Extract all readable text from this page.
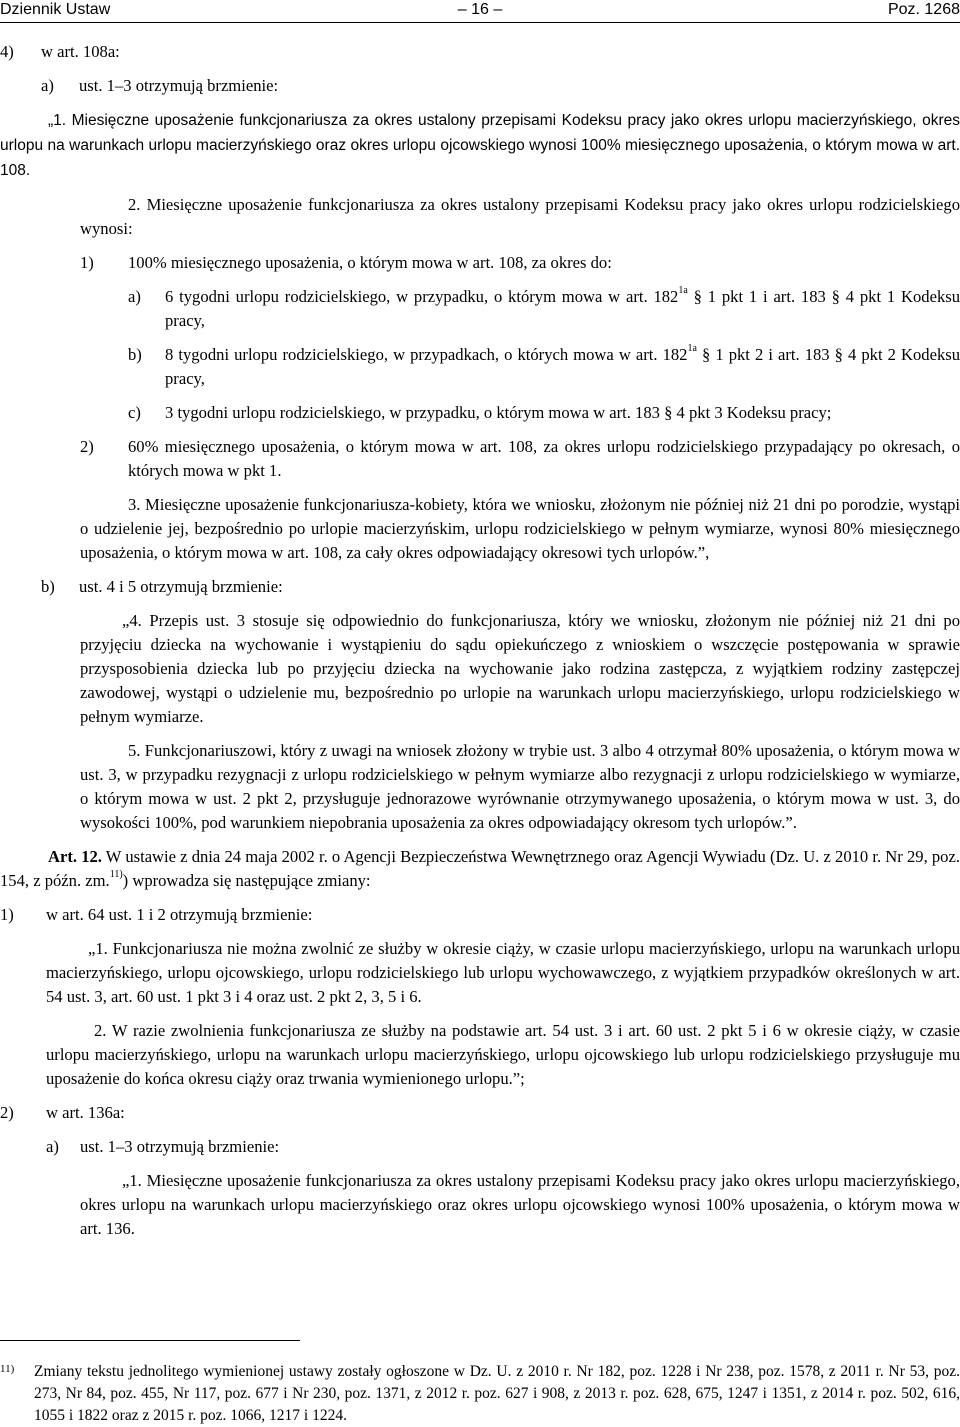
Dziennik Ustaw	– 16 –	Poz. 1268
4)	w art. 108a:
a)	ust. 1–3 otrzymują brzmienie:

„1. Miesięczne uposażenie funkcjonariusza za okres ustalony przepisami Kodeksu pracy jako okres urlopu macierzyńskiego, okres urlopu na warunkach urlopu macierzyńskiego oraz okres urlopu ojcowskiego wynosi 100% miesięcznego uposażenia, o którym mowa w art. 108.

2. Miesięczne uposażenie funkcjonariusza za okres ustalony przepisami Kodeksu pracy jako okres urlopu rodzicielskiego wynosi:

1)	100% miesięcznego uposażenia, o którym mowa w art. 108, za okres do:
a)	6 tygodni urlopu rodzicielskiego, w przypadku, o którym mowa w art. $182^{1a}$ § 1 pkt 1 i art. 183 § 4 pkt 1 Kodeksu pracy,
b)	8 tygodni urlopu rodzicielskiego, w przypadkach, o których mowa w art. $182^{1a}$ § 1 pkt 2 i art. 183 § 4 pkt 2 Kodeksu pracy,
c)	3 tygodni urlopu rodzicielskiego, w przypadku, o którym mowa w art. 183 § 4 pkt 3 Kodeksu pracy;
2)	60% miesięcznego uposażenia, o którym mowa w art. 108, za okres urlopu rodzicielskiego przypadający po okresach, o których mowa w pkt 1.

3. Miesięczne uposażenie funkcjonariusza-kobiety, która we wniosku, złożonym nie później niż 21 dni po porodzie, wystąpi o udzielenie jej, bezpośrednio po urlopie macierzyńskim, urlopu rodzicielskiego w pełnym wymiarze, wynosi 80% miesięcznego uposażenia, o którym mowa w art. 108, za cały okres odpowiadający okresowi tych urlopów.”,

b)	ust. 4 i 5 otrzymują brzmienie:

„4. Przepis ust. 3 stosuje się odpowiednio do funkcjonariusza, który we wniosku, złożonym nie później niż 21 dni po przyjęciu dziecka na wychowanie i wystąpieniu do sądu opiekuńczego z wnioskiem o wszczęcie postępowania w sprawie przysposobienia dziecka lub po przyjęciu dziecka na wychowanie jako rodzina zastępcza, z wyjątkiem rodziny zastępczej zawodowej, wystąpi o udzielenie mu, bezpośrednio po urlopie na warunkach urlopu macierzyńskiego, urlopu rodzicielskiego w pełnym wymiarze.

5. Funkcjonariuszowi, który z uwagi na wniosek złożony w trybie ust. 3 albo 4 otrzymał 80% uposażenia, o którym mowa w ust. 3, w przypadku rezygnacji z urlopu rodzicielskiego w pełnym wymiarze albo rezygnacji z urlopu rodzicielskiego w wymiarze, o którym mowa w ust. 2 pkt 2, przysługuje jednorazowe wyrównanie otrzymywanego uposażenia, o którym mowa w ust. 3, do wysokości 100%, pod warunkiem niepobrania uposażenia za okres odpowiadający okresom tych urlopów.”.

Art. 12. W ustawie z dnia 24 maja 2002 r. o Agencji Bezpieczeństwa Wewnętrznego oraz Agencji Wywiadu (Dz. U. z 2010 r. Nr 29, poz. 154, z późn. zm.$^{11)}$) wprowadza się następujące zmiany:

1)	w art. 64 ust. 1 i 2 otrzymują brzmienie:

„1. Funkcjonariusza nie można zwolnić ze służby w okresie ciąży, w czasie urlopu macierzyńskiego, urlopu na warunkach urlopu macierzyńskiego, urlopu ojcowskiego, urlopu rodzicielskiego lub urlopu wychowawczego, z wyjątkiem przypadków określonych w art. 54 ust. 3, art. 60 ust. 1 pkt 3 i 4 oraz ust. 2 pkt 2, 3, 5 i 6.

2. W razie zwolnienia funkcjonariusza ze służby na podstawie art. 54 ust. 3 i art. 60 ust. 2 pkt 5 i 6 w okresie ciąży, w czasie urlopu macierzyńskiego, urlopu na warunkach urlopu macierzyńskiego, urlopu ojcowskiego lub urlopu rodzicielskiego przysługuje mu uposażenie do końca okresu ciąży oraz trwania wymienionego urlopu.”;

2)	w art. 136a:
a)	ust. 1–3 otrzymują brzmienie:

„1. Miesięczne uposażenie funkcjonariusza za okres ustalony przepisami Kodeksu pracy jako okres urlopu macierzyńskiego, okres urlopu na warunkach urlopu macierzyńskiego oraz okres urlopu ojcowskiego wynosi 100% uposażenia, o którym mowa w art. 136.

11)	Zmiany tekstu jednolitego wymienionej ustawy zostały ogłoszone w Dz. U. z 2010 r. Nr 182, poz. 1228 i Nr 238, poz. 1578, z 2011 r. Nr 53, poz. 273, Nr 84, poz. 455, Nr 117, poz. 677 i Nr 230, poz. 1371, z 2012 r. poz. 627 i 908, z 2013 r. poz. 628, 675, 1247 i 1351, z 2014 r. poz. 502, 616, 1055 i 1822 oraz z 2015 r. poz. 1066, 1217 i 1224.
